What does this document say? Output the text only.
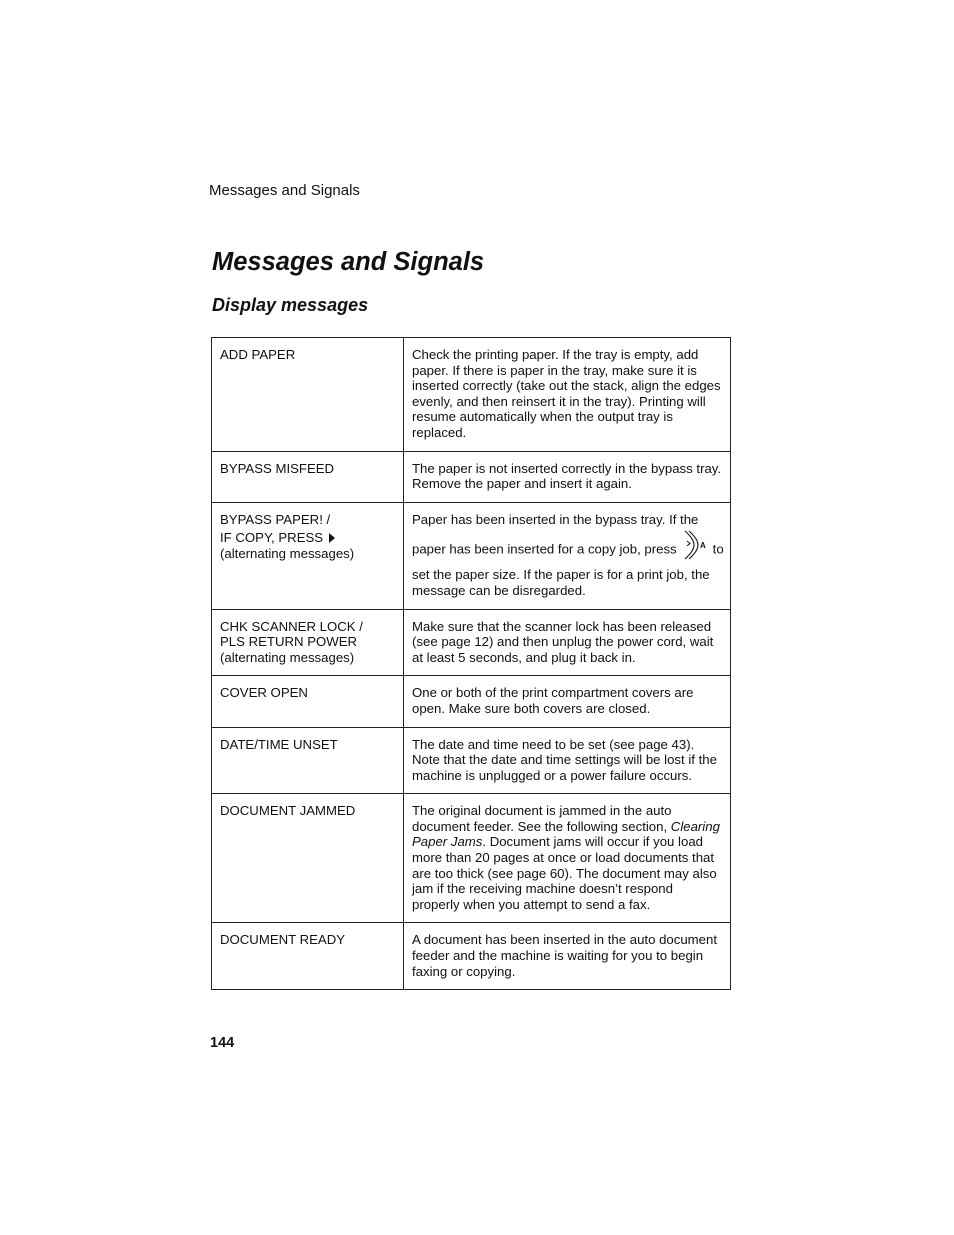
Messages and Signals
Messages and Signals
Display messages
ADD PAPER	Check the printing paper. If the tray is empty, add paper. If there is paper in the tray, make sure it is inserted correctly (take out the stack, align the edges evenly, and then reinsert it in the tray). Printing will resume automatically when the output tray is replaced.
BYPASS MISFEED	The paper is not inserted correctly in the bypass tray. Remove the paper and insert it again.

BYPASS PAPER! /
IF COPY, PRESS
(alternating messages)	Paper has been inserted in the bypass tray. If the
paper has been inserted for a copy job, press A to
set the paper size. If the paper is for a print job, the message can be disregarded.

CHK SCANNER LOCK /
PLS RETURN POWER
(alternating messages)	Make sure that the scanner lock has been released (see page 12) and then unplug the power cord, wait at least 5 seconds, and plug it back in.
COVER OPEN	One or both of the print compartment covers are open. Make sure both covers are closed.
DATE/TIME UNSET	The date and time need to be set (see page 43). Note that the date and time settings will be lost if the machine is unplugged or a power failure occurs.
DOCUMENT JAMMED	The original document is jammed in the auto document feeder. See the following section, Clearing Paper Jams. Document jams will occur if you load more than 20 pages at once or load documents that are too thick (see page 60). The document may also jam if the receiving machine doesn’t respond properly when you attempt to send a fax.
DOCUMENT READY	A document has been inserted in the auto document feeder and the machine is waiting for you to begin faxing or copying.
144
